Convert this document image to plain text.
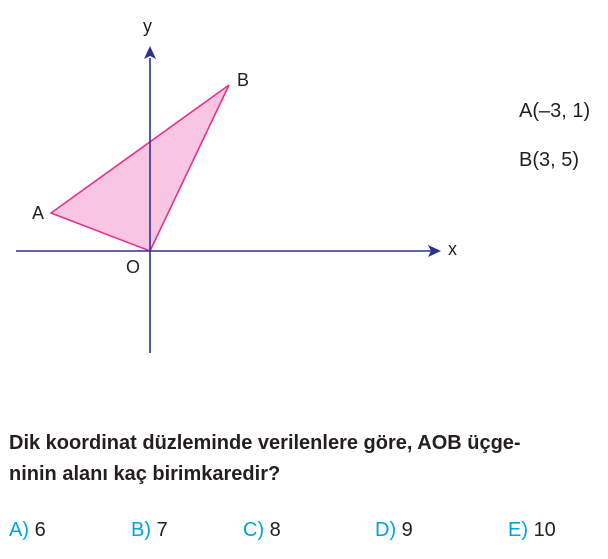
y
x
B
A
O
A(–3, 1)
B(3, 5)

Dik koordinat düzleminde verilenlere göre, AOB üçge-
ninin alanı kaç birimkaredir?

A) 6	B) 7	C) 8	D) 9	E) 10
